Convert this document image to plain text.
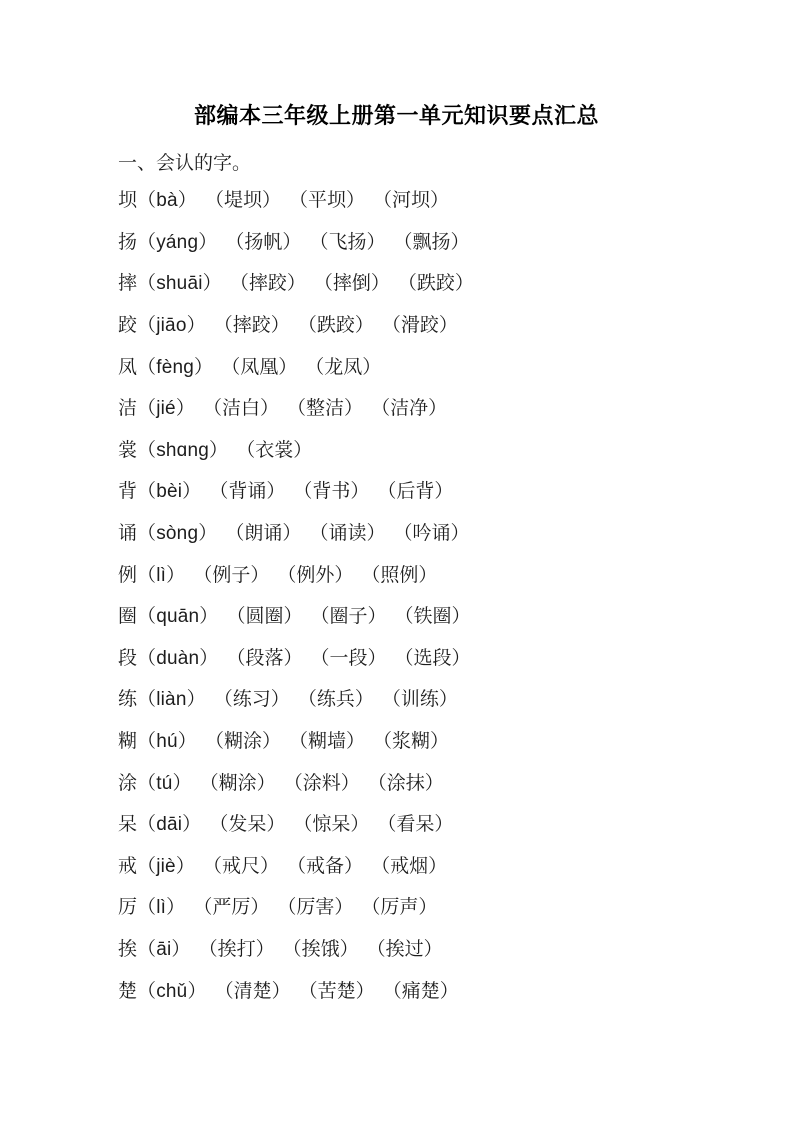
部编本三年级上册第一单元知识要点汇总
一、会认的字。
坝 （bà） （堤坝） （平坝） （河坝）
扬 （yáng） （扬帆） （飞扬） （飘扬）
摔 （shuāi） （摔跤） （摔倒） （跌跤）
跤 （jiāo） （摔跤） （跌跤） （滑跤）
凤 （fèng） （凤凰） （龙凤）
洁 （jié） （洁白） （整洁） （洁净）
裳 （shɑng） （衣裳）
背 （bèi） （背诵） （背书） （后背）
诵 （sòng） （朗诵） （诵读） （吟诵）
例 （lì） （例子） （例外） （照例）
圈 （quān） （圆圈） （圈子） （铁圈）
段 （duàn） （段落） （一段） （选段）
练 （liàn） （练习） （练兵） （训练）
糊 （hú） （糊涂） （糊墙） （浆糊）
涂 （tú） （糊涂） （涂料） （涂抹）
呆 （dāi） （发呆） （惊呆） （看呆）
戒 （jiè） （戒尺） （戒备） （戒烟）
厉 （lì） （严厉） （厉害） （厉声）
挨 （āi） （挨打） （挨饿） （挨过）
楚 （chǔ） （清楚） （苦楚） （痛楚）
